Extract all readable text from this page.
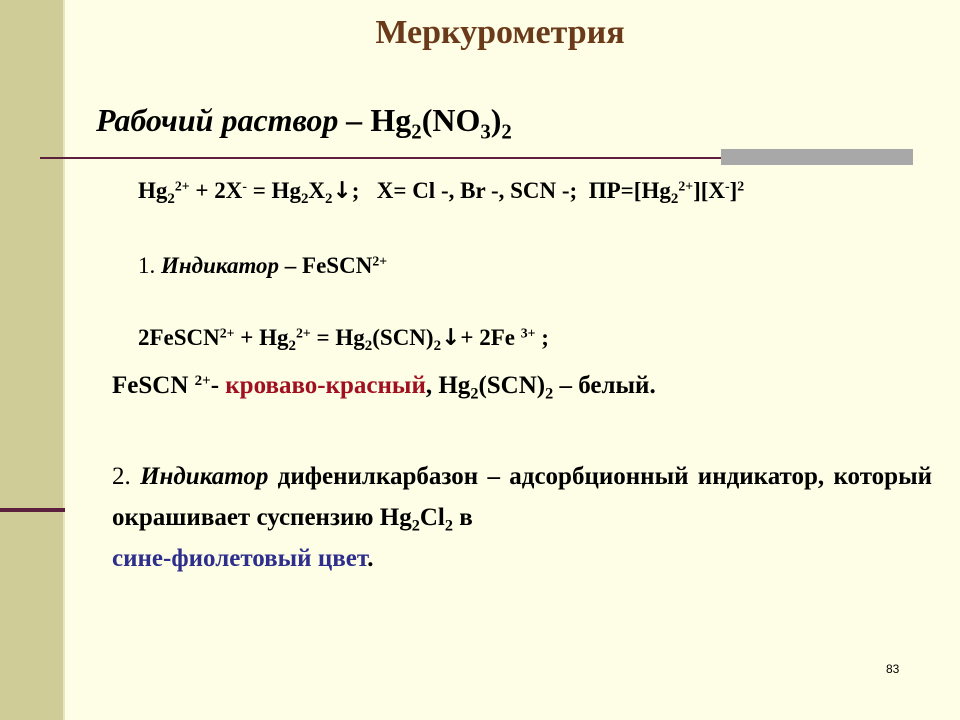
Меркурометрия
Рабочий раствор – $Hg_2(NO_3)_2$
$Hg_2^{2+} + 2X^-$ = $Hg_2X_2↓$;   X= Cl -, Br -, SCN -; $ПР=[Hg_2^{2+}][X^-]^2$
1. Индикатор – FeSCN$^{2+}$
2FeSCN$^{2+}$ + $Hg_2^{2+}$ = $Hg_2(SCN)_2↓+ 2Fe$ $^{3+}$ ;
FeSCN $^{2+}$- кроваво-красный, $Hg_2(SCN)_2$ – белый.
2. Индикатор дифенилкарбазон – адсорбционный индикатор, который окрашивает суспензию $Hg_2Cl_2$ в
сине-фиолетовый цвет.
83
